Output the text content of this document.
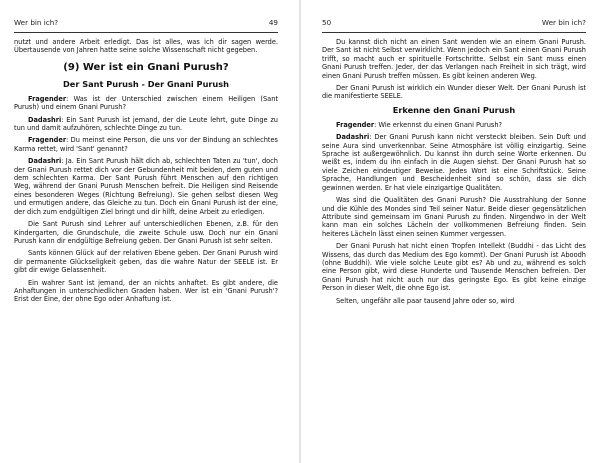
Wer bin ich?	49

nutzt und andere Arbeit erledigt. Das ist alles, was ich dir sagen werde. Übertausende von Jahren hatte seine solche Wissenschaft nicht gegeben.

(9) Wer ist ein Gnani Purush?
Der Sant Purush - Der Gnani Purush

Fragender: Was ist der Unterschied zwischen einem Heiligen (Sant Purush) und einem Gnani Purush?

Dadashri: Ein Sant Purush ist jemand, der die Leute lehrt, gute Dinge zu tun und damit aufzuhören, schlechte Dinge zu tun.

Fragender: Du meinst eine Person, die uns vor der Bindung an schlechtes Karma rettet, wird 'Sant' genannt?

Dadashri: Ja. Ein Sant Purush hält dich ab, schlechten Taten zu 'tun', doch der Gnani Purush rettet dich vor der Gebundenheit mit beiden, dem guten und dem schlechten Karma. Der Sant Purush führt Menschen auf den richtigen Weg, während der Gnani Purush Menschen befreit. Die Heiligen sind Reisende eines besonderen Weges (Richtung Befreiung). Sie gehen selbst diesen Weg und ermutigen andere, das Gleiche zu tun. Doch ein Gnani Purush ist der eine, der dich zum endgültigen Ziel bringt und dir hilft, deine Arbeit zu erledigen.

Die Sant Purush sind Lehrer auf unterschiedlichen Ebenen, z.B. für den Kindergarten, die Grundschule, die zweite Schule usw. Doch nur ein Gnani Purush kann dir endgültige Befreiung geben. Der Gnani Purush ist sehr selten.

Sants können Glück auf der relativen Ebene geben. Der Gnani Purush wird dir permanente Glückseligkeit geben, das die wahre Natur der SEELE ist. Er gibt dir ewige Gelassenheit.

Ein wahrer Sant ist jemand, der an nichts anhaftet. Es gibt andere, die Anhaftungen in unterschiedlichen Graden haben. Wer ist ein 'Gnani Purush'? Erist der Eine, der ohne Ego oder Anhaftung ist.

50	Wer bin ich?

Du kannst dich nicht an einen Sant wenden wie an einem Gnani Purush. Der Sant ist nicht Selbst verwirklicht. Wenn jedoch ein Sant einen Gnani Purush trifft, so macht auch er spirituelle Fortschritte. Selbst ein Sant muss einen Gnani Purush treffen. Jeder, der das Verlangen nach Freiheit in sich trägt, wird einen Gnani Purush treffen müssen. Es gibt keinen anderen Weg.

Der Gnani Purush ist wirklich ein Wunder dieser Welt. Der Gnani Purush ist die manifestierte SEELE.

Erkenne den Gnani Purush

Fragender: Wie erkennst du einen Gnani Purush?

Dadashri: Der Gnani Purush kann nicht versteckt bleiben. Sein Duft und seine Aura sind unverkennbar. Seine Atmosphäre ist völlig einzigartig. Seine Sprache ist außergewöhnlich. Du kannst ihn durch seine Worte erkennen. Du weißt es, indem du ihn einfach in die Augen siehst. Der Gnani Purush hat so viele Zeichen eindeutiger Beweise. Jedes Wort ist eine Schriftstück. Seine Sprache, Handlungen und Bescheidenheit sind so schön, dass sie dich gewinnen werden. Er hat viele einzigartige Qualitäten.

Was sind die Qualitäten des Gnani Purush? Die Ausstrahlung der Sonne und die Kühle des Mondes sind Teil seiner Natur. Beide dieser gegensätzlichen Attribute sind gemeinsam im Gnani Purush zu finden. Nirgendwo in der Welt kann man ein solches Lächeln der vollkommenen Befreiung finden. Sein heiteres Lächeln lässt einen seinen Kummer vergessen.

Der Gnani Purush hat nicht einen Tropfen Intellekt (Buddhi - das Licht des Wissens, das durch das Medium des Ego kommt). Der Gnani Purush ist Aboodh (ohne Buddhi). Wie viele solche Leute gibt es? Ab und zu, während es solch eine Person gibt, wird diese Hunderte und Tausende Menschen befreien. Der Gnani Purush hat nicht auch nur das geringste Ego. Es gibt keine einzige Person in dieser Welt, die ohne Ego ist.

Selten, ungefähr alle paar tausend Jahre oder so, wird
